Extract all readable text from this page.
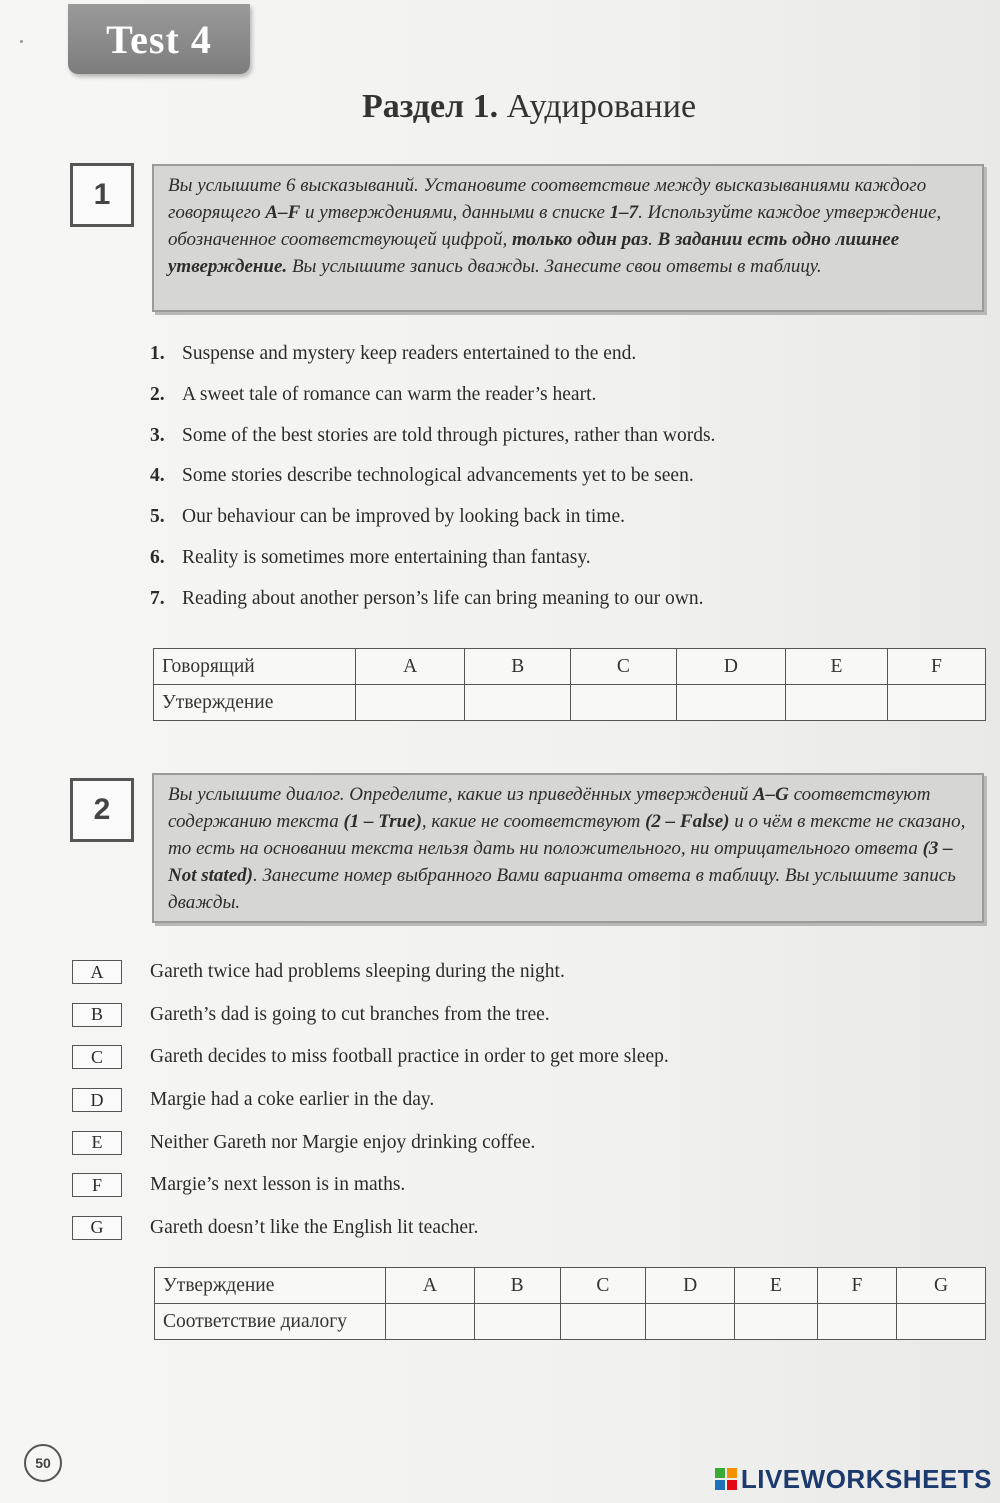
Test 4
Раздел 1. Аудирование
1	Вы услышите 6 высказываний. Установите соответствие между высказываниями каждого говорящего A–F и утверждениями, данными в списке 1–7. Используйте каждое утверждение, обозначенное соответствующей цифрой, только один раз. В задании есть одно лишнее утверждение. Вы услышите запись дважды. Занесите свои ответы в таблицу.
1. Suspense and mystery keep readers entertained to the end.
2. A sweet tale of romance can warm the reader’s heart.
3. Some of the best stories are told through pictures, rather than words.
4. Some stories describe technological advancements yet to be seen.
5. Our behaviour can be improved by looking back in time.
6. Reality is sometimes more entertaining than fantasy.
7. Reading about another person’s life can bring meaning to our own.
Говорящий	A	B	C	D	E	F
Утверждение						
2	Вы услышите диалог. Определите, какие из приведённых утверждений A–G соответствуют содержанию текста (1 – True), какие не соответствуют (2 – False) и о чём в тексте не сказано, то есть на основании текста нельзя дать ни положительного, ни отрицательного ответа (3 – Not stated). Занесите номер выбранного Вами варианта ответа в таблицу. Вы услышите запись дважды.
A	Gareth twice had problems sleeping during the night.
B	Gareth’s dad is going to cut branches from the tree.
C	Gareth decides to miss football practice in order to get more sleep.
D	Margie had a coke earlier in the day.
E	Neither Gareth nor Margie enjoy drinking coffee.
F	Margie’s next lesson is in maths.
G	Gareth doesn’t like the English lit teacher.
Утверждение	A	B	C	D	E	F	G
Соответствие диалогу							
50
LIVEWORKSHEETS
